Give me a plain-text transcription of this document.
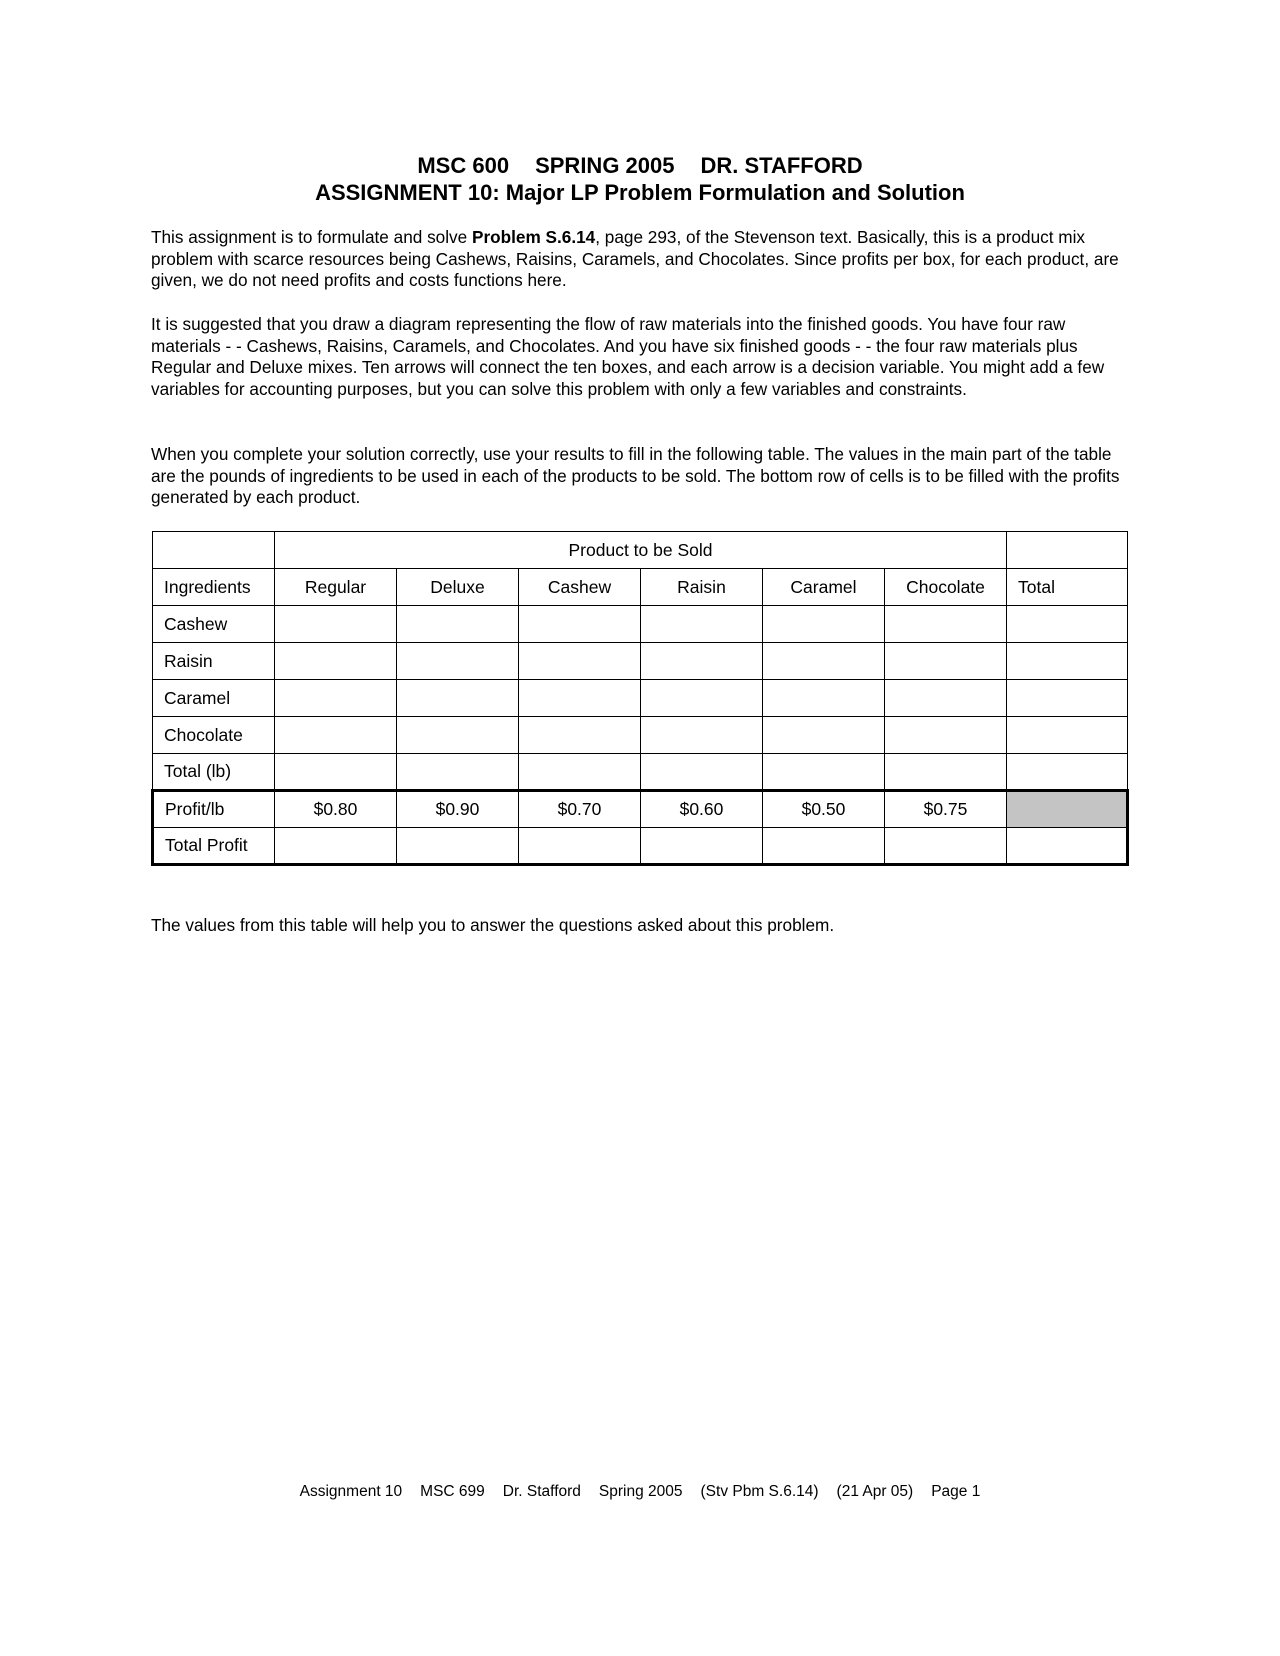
MSC 600 SPRING 2005 DR. STAFFORD
ASSIGNMENT 10: Major LP Problem Formulation and Solution
This assignment is to formulate and solve Problem S.6.14, page 293, of the Stevenson text. Basically, this is a product mix problem with scarce resources being Cashews, Raisins, Caramels, and Chocolates. Since profits per box, for each product, are given, we do not need profits and costs functions here.
It is suggested that you draw a diagram representing the flow of raw materials into the finished goods. You have four raw materials - - Cashews, Raisins, Caramels, and Chocolates. And you have six finished goods - - the four raw materials plus Regular and Deluxe mixes. Ten arrows will connect the ten boxes, and each arrow is a decision variable. You might add a few variables for accounting purposes, but you can solve this problem with only a few variables and constraints.
When you complete your solution correctly, use your results to fill in the following table. The values in the main part of the table are the pounds of ingredients to be used in each of the products to be sold. The bottom row of cells is to be filled with the profits generated by each product.
	Product to be Sold						
Ingredients	Regular	Deluxe	Cashew	Raisin	Caramel	Chocolate	Total
Cashew							
Raisin							
Caramel							
Chocolate							
Total (lb)							
Profit/lb	$0.80	$0.90	$0.70	$0.60	$0.50	$0.75	
Total Profit							
The values from this table will help you to answer the questions asked about this problem.
Assignment 10 MSC 699 Dr. Stafford Spring 2005 (Stv Pbm S.6.14) (21 Apr 05) Page 1
